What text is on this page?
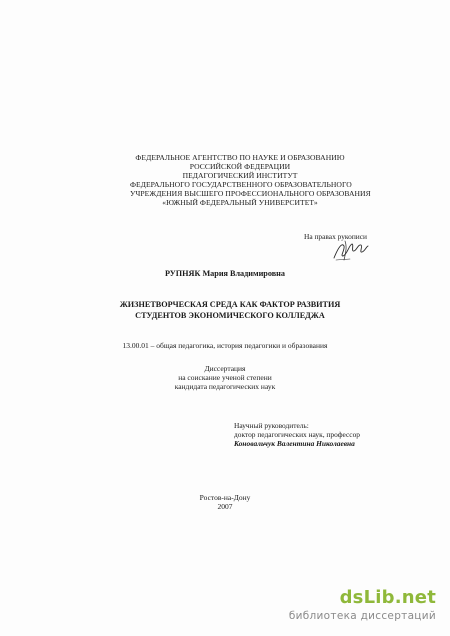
ФЕДЕРАЛЬНОЕ АГЕНТСТВО ПО НАУКЕ И ОБРАЗОВАНИЮ
РОССИЙСКОЙ ФЕДЕРАЦИИ
ПЕДАГОГИЧЕСКИЙ ИНСТИТУТ
ФЕДЕРАЛЬНОГО ГОСУДАРСТВЕННОГО ОБРАЗОВАТЕЛЬНОГО
УЧРЕЖДЕНИЯ ВЫСШЕГО ПРОФЕССИОНАЛЬНОГО ОБРАЗОВАНИЯ
«ЮЖНЫЙ ФЕДЕРАЛЬНЫЙ УНИВЕРСИТЕТ»
На правах рукописи
РУПНЯК Мария Владимировна
ЖИЗНЕТВОРЧЕСКАЯ СРЕДА КАК ФАКТОР РАЗВИТИЯ
СТУДЕНТОВ ЭКОНОМИЧЕСКОГО КОЛЛЕДЖА
13.00.01 – общая педагогика, история педагогики и образования
Диссертация
на соискание ученой степени
кандидата педагогических наук
Научный руководитель:
доктор педагогических наук, профессор
Коновальчук Валентина Николаевна
Ростов-на-Дону
2007
dsLib.net
библиотека диссертаций
